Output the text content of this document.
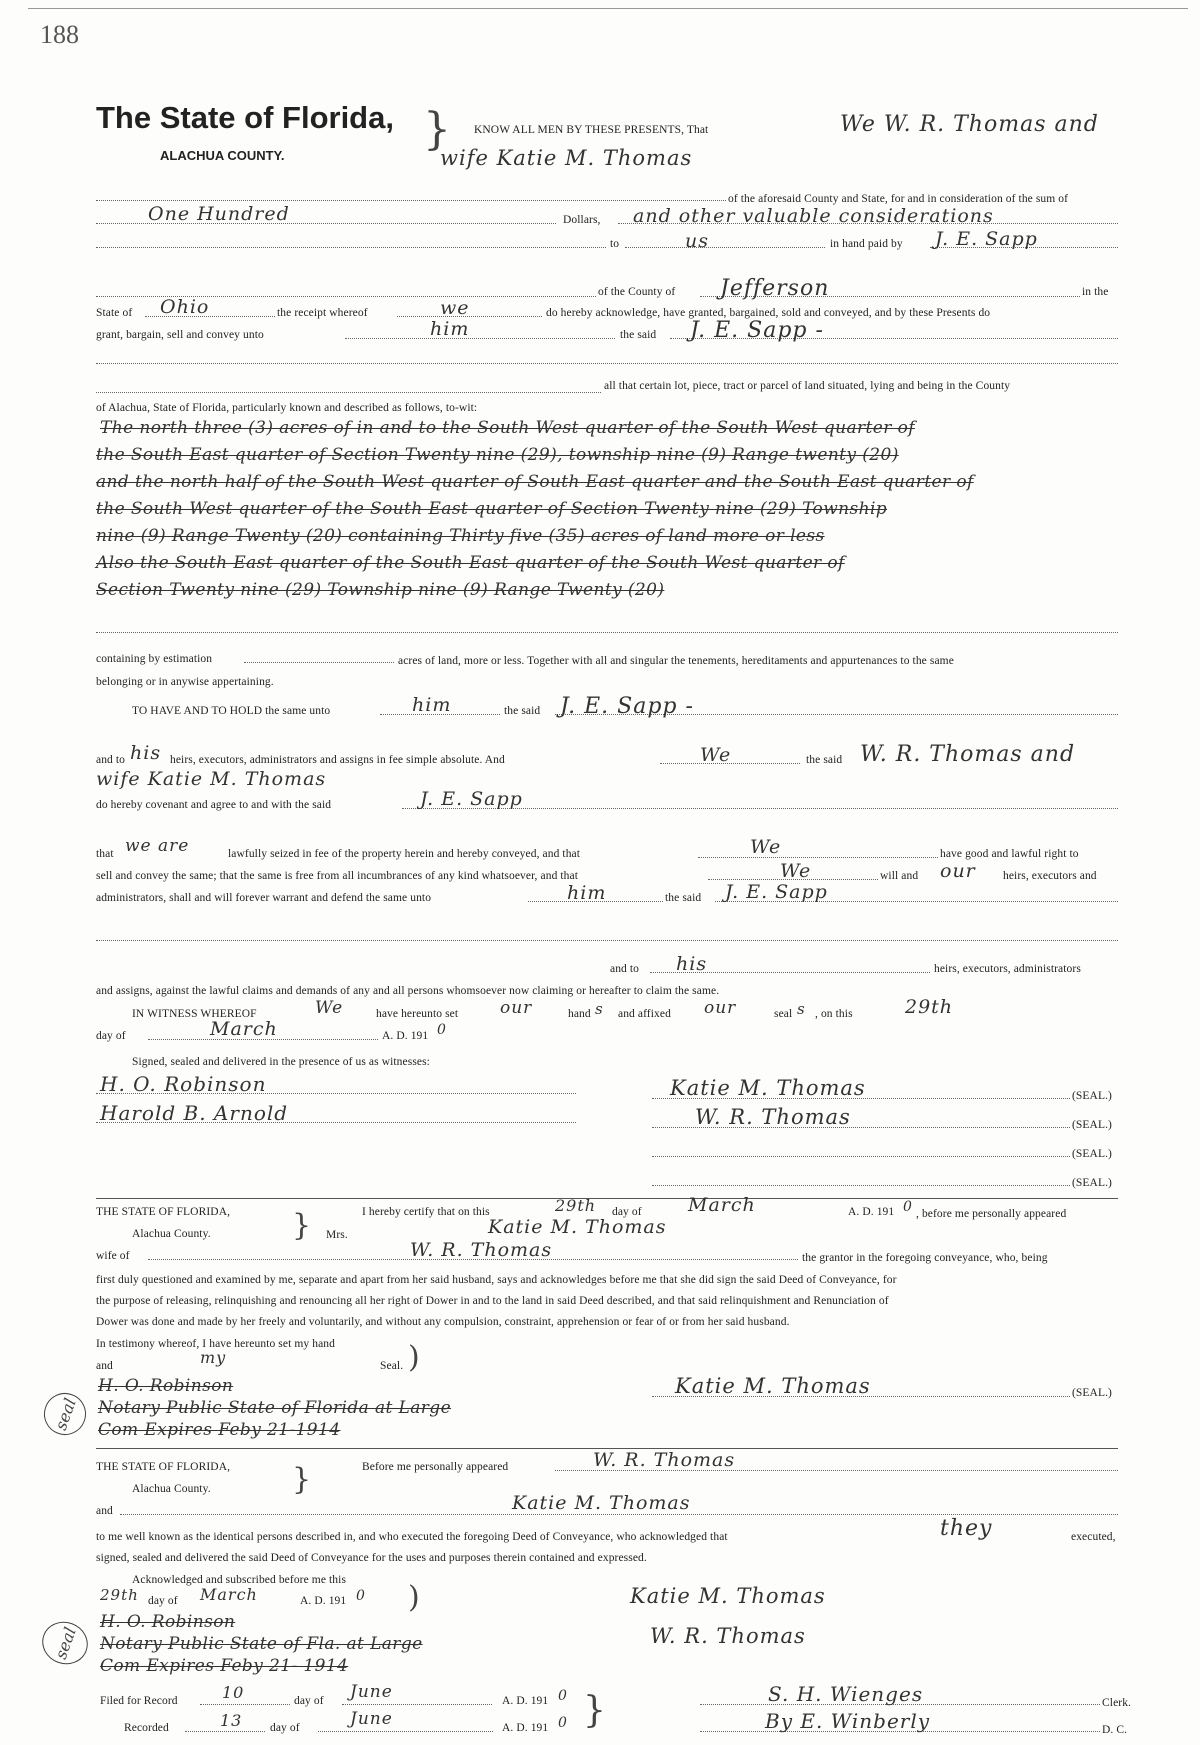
188
The State of Florida,
ALACHUA COUNTY.
} KNOW ALL MEN BY THESE PRESENTS, That	We W. R. Thomas and
wife Katie M. Thomas
of the aforesaid County and State, for and in consideration of the sum of
One Hundred	Dollars, and other valuable considerations
to	us	in hand paid by J. E. Sapp
of the County of Jefferson	in the
State of Ohio	the receipt whereof	we	do hereby acknowledge, have granted, bargained, sold and conveyed, and by these Presents do
grant, bargain, sell and convey unto	him	the said J. E. Sapp -
all that certain lot, piece, tract or parcel of land situated, lying and being in the County
of Alachua, State of Florida, particularly known and described as follows, to-wit:
The north three (3) acres of in and to the South West quarter of the South West quarter of
the South East quarter of Section Twenty nine (29), township nine (9) Range twenty (20)
and the north half of the South West quarter of South East quarter and the South East quarter of
the South West quarter of the South East quarter of Section Twenty nine (29) Township
nine (9) Range Twenty (20) containing Thirty five (35) acres of land more or less
Also the South East quarter of the South East quarter of the South West quarter of
Section Twenty nine (29) Township nine (9) Range Twenty (20)
containing by estimation	acres of land, more or less. Together with all and singular the tenements, hereditaments and appurtenances to the same
belonging or in anywise appertaining.
TO HAVE AND TO HOLD the same unto	him	the said J. E. Sapp -
and to his heirs, executors, administrators and assigns in fee simple absolute. And	We	the said W. R. Thomas and
wife Katie M. Thomas
do hereby covenant and agree to and with the said	J. E. Sapp
that we are	lawfully seized in fee of the property herein and hereby conveyed, and that	We	have good and lawful right to
sell and convey the same; that the same is free from all incumbrances of any kind whatsoever, and that	We	will and our heirs, executors and
administrators, shall and will forever warrant and defend the same unto	him	the said J. E. Sapp
and to his	heirs, executors, administrators
and assigns, against the lawful claims and demands of any and all persons whomsoever now claiming or hereafter to claim the same.
IN WITNESS WHEREOF	We	have hereunto set our	hand s and affixed our	seal s , on this	29th
day of	March	A. D. 191 0
Signed, sealed and delivered in the presence of us as witnesses:
H. O. Robinson
Harold B. Arnold
Katie M. Thomas	(SEAL.)
W. R. Thomas	(SEAL.)
(SEAL.)
(SEAL.)
THE STATE OF FLORIDA,
Alachua County.	}	I hereby certify that on this	29th day of March	A. D. 191 0 , before me personally appeared
Mrs.	Katie M. Thomas
wife of	W. R. Thomas	the grantor in the foregoing conveyance, who, being
first duly questioned and examined by me, separate and apart from her said husband, says and acknowledges before me that she did sign the said Deed of Conveyance, for
the purpose of releasing, relinquishing and renouncing all her right of Dower in and to the land in said Deed described, and that said relinquishment and Renunciation of
Dower was done and made by her freely and voluntarily, and without any compulsion, constraint, apprehension or fear of or from her said husband.
In testimony whereof, I have hereunto set my hand
and	my	Seal. )
H. O. Robinson
Notary Public State of Florida at Large
Com Expires Feby 21-1914
seal
Katie M. Thomas	(SEAL.)
THE STATE OF FLORIDA,
Alachua County.	}	Before me personally appeared	W. R. Thomas
and	Katie M. Thomas
to me well known as the identical persons described in, and who executed the foregoing Deed of Conveyance, who acknowledged that	they	executed,
signed, sealed and delivered the said Deed of Conveyance for the uses and purposes therein contained and expressed.
Acknowledged and subscribed before me this
29th day of March	A. D. 191 0 )
H. O. Robinson
Notary Public State of Fla. at Large
Com Expires Feby 21- 1914
seal
Katie M. Thomas
W. R. Thomas
Filed for Record	10	day of June	A. D. 191 0
Recorded	13 day of	June	A. D. 191 0 }	S. H. Wienges	Clerk.
By E. Winberly	D. C.
